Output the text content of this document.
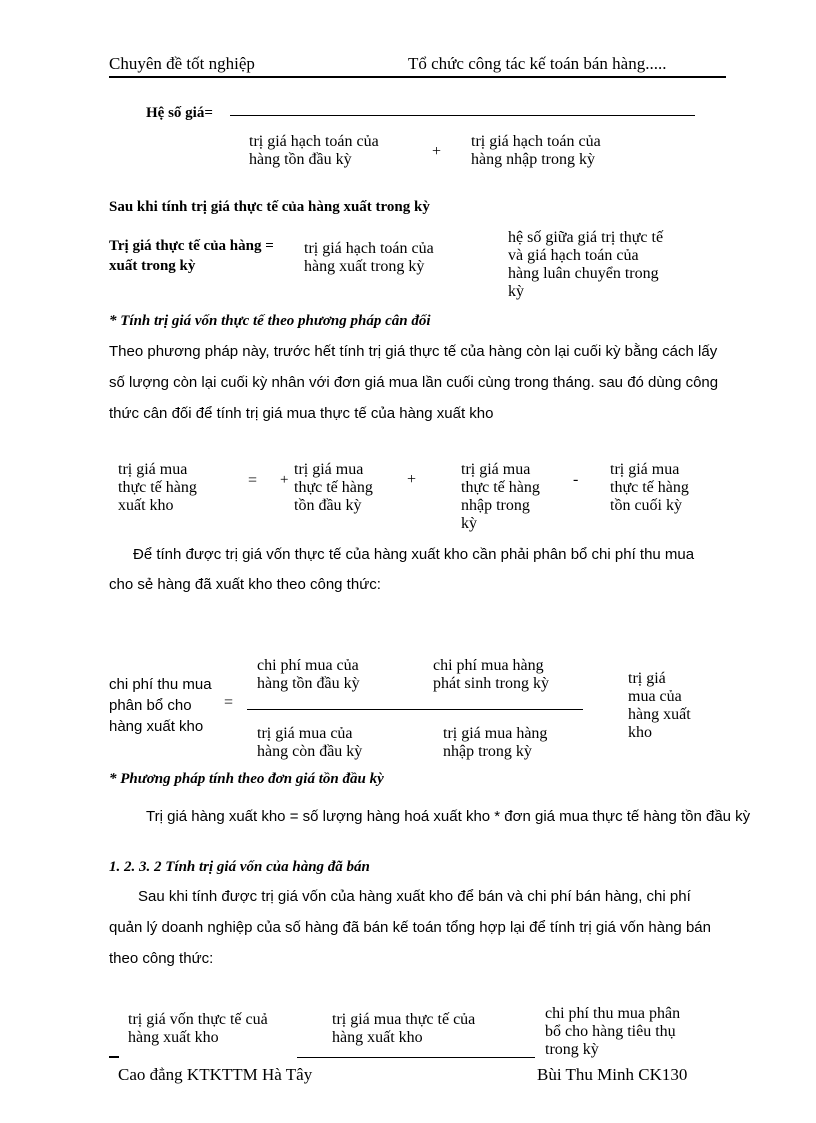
Chuyên đề tốt nghiệp	Tổ chức công tác kế toán bán hàng.....
Hệ số giá=
trị giá hạch toán của
hàng tồn đầu kỳ	+
trị giá hạch toán của
hàng nhập trong kỳ
Sau khi tính trị giá thực tế của hàng xuất trong kỳ
Trị giá thực tế của hàng =
xuất trong kỳ
trị giá hạch toán của
hàng xuất trong kỳ
hệ số giữa giá trị thực tế
và giá hạch toán của
hàng luân chuyển trong
kỳ
* Tính trị giá vốn thực tế theo phương pháp cân đối
Theo phương pháp này, trước hết tính trị giá thực tế của hàng còn lại cuối kỳ bằng cách lấy số lượng còn lại cuối kỳ nhân với đơn giá mua lần cuối cùng trong tháng. sau đó dùng công thức cân đối để tính trị giá mua thực tế của hàng xuất kho
trị giá mua
thực tế hàng
xuất kho
= +
trị giá mua
thực tế hàng
tồn đầu kỳ
+
trị giá mua
thực tế hàng
nhập trong
kỳ
-
trị giá mua
thực tế hàng
tồn cuối kỳ
Để tính được trị giá vốn thực tế của hàng xuất kho cần phải phân bổ chi phí thu mua
cho sẻ hàng đã xuất kho theo công thức:
chi phí thu mua
phân bổ cho
hàng xuất kho
=
chi phí mua của
hàng tồn đầu kỳ
chi phí mua hàng
phát sinh trong kỳ
trị giá mua của
hàng còn đầu kỳ
trị giá mua hàng
nhập trong kỳ
trị giá
mua của
hàng xuất
kho
* Phương pháp tính theo đơn giá tồn đầu kỳ
Trị giá hàng xuất kho = số lượng hàng hoá xuất kho * đơn giá mua thực tế hàng tồn đầu kỳ
1. 2. 3. 2 Tính trị giá vốn của hàng đã bán
Sau khi tính được trị giá vốn của hàng xuất kho để bán và chi phí bán hàng, chi phí quản lý doanh nghiệp của số hàng đã bán kế toán tổng hợp lại để tính trị giá vốn hàng bán theo công thức:
trị giá vốn thực tế cuả
hàng xuất kho
trị giá mua thực tế của
hàng xuất kho
chi phí thu mua phân
bổ cho hàng tiêu thụ
trong kỳ
Cao đẳng KTKTTM Hà Tây	Bùi Thu Minh CK130
